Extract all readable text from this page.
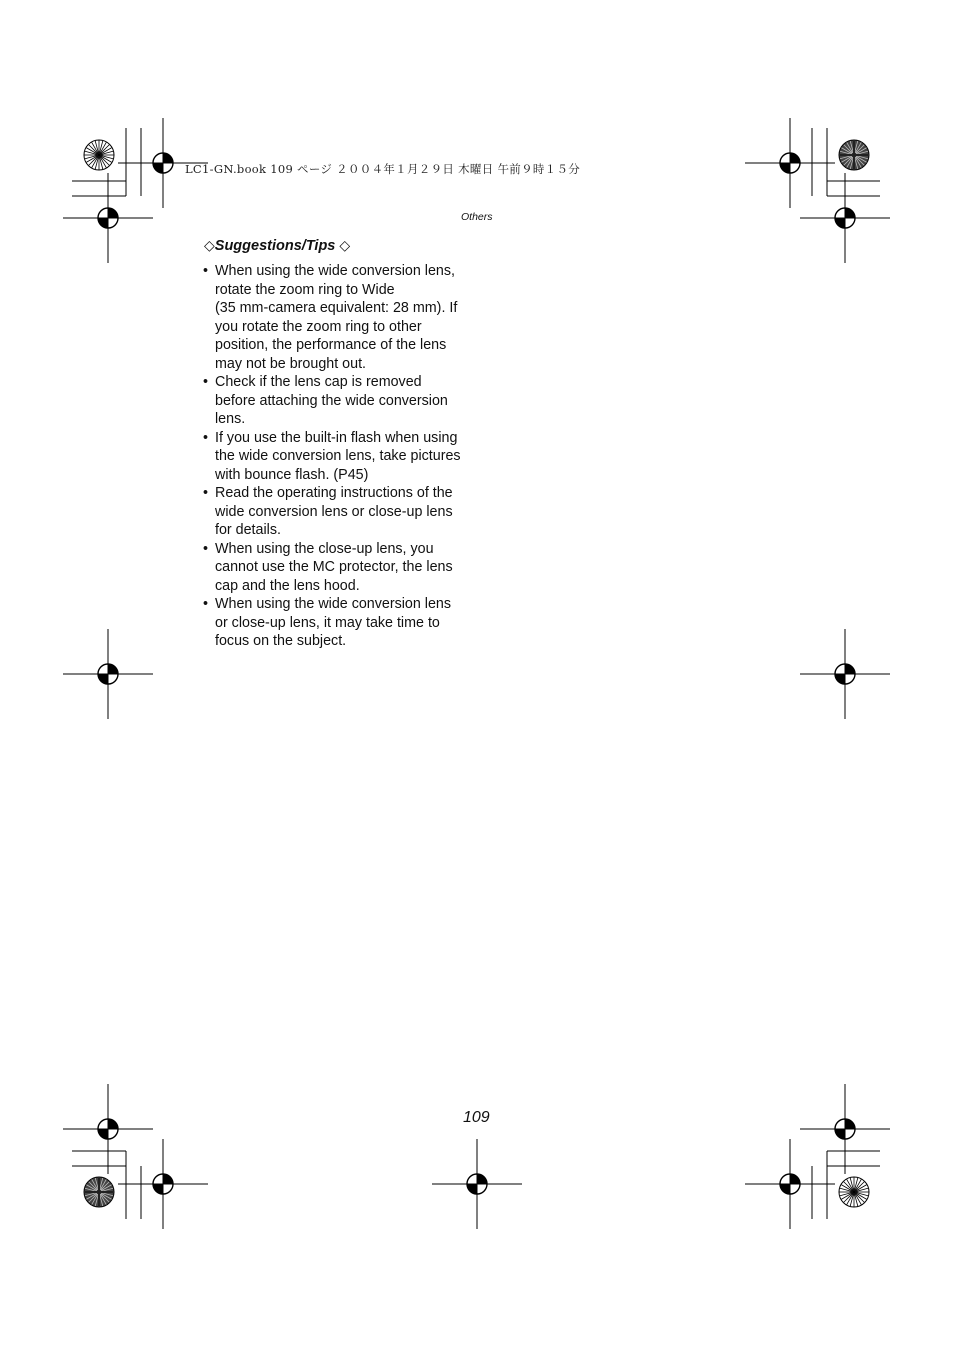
LC1-GN.book 109 ページ ２００４年１月２９日 木曜日 午前９時１５分
Others
◇Suggestions/Tips ◇
• When using the wide conversion lens,
rotate the zoom ring to Wide
(35 mm-camera equivalent: 28 mm). If
you rotate the zoom ring to other
position, the performance of the lens
may not be brought out.
• Check if the lens cap is removed
before attaching the wide conversion
lens.
• If you use the built-in flash when using
the wide conversion lens, take pictures
with bounce flash. (P45)
• Read the operating instructions of the
wide conversion lens or close-up lens
for details.
• When using the close-up lens, you
cannot use the MC protector, the lens
cap and the lens hood.
• When using the wide conversion lens
or close-up lens, it may take time to
focus on the subject.
109
